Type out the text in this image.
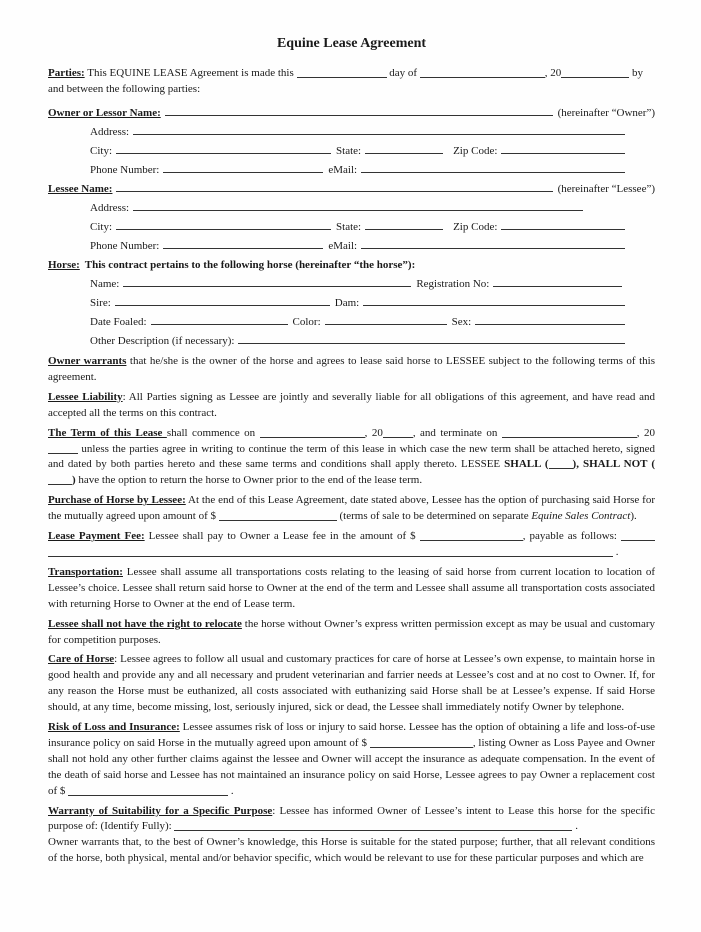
Equine Lease Agreement

Parties: This EQUINE LEASE Agreement is made this	day of	, 20	by
and between the following parties:

Owner or Lessor Name:	(hereinafter “Owner”)
Address:
City:	State:	Zip Code:
Phone Number:	eMail:
Lessee Name:	(hereinafter “Lessee”)
Address:
City:	State:	Zip Code:
Phone Number:	eMail:
Horse: This contract pertains to the following horse (hereinafter “the horse”):
Name:	Registration No:
Sire:	Dam:
Date Foaled:	Color:	Sex:
Other Description (if necessary):

Owner warrants that he/she is the owner of the horse and agrees to lease said horse to LESSEE subject to the following terms of this agreement.

Lessee Liability: All Parties signing as Lessee are jointly and severally liable for all obligations of this agreement, and have read and accepted all the terms on this contract.

The Term of this Lease shall commence on	, 20	, and terminate on	, 20 unless the parties agree in writing to continue the term of this lease in which case the new term shall be attached hereto, signed and dated by both parties hereto and these same terms and conditions shall apply thereto. LESSEE SHALL ( ), SHALL NOT ( ) have the option to return the horse to Owner prior to the end of the lease term.

Purchase of Horse by Lessee: At the end of this Lease Agreement, date stated above, Lessee has the option of purchasing said Horse for the mutually agreed upon amount of $	(terms of sale to be determined on separate Equine Sales Contract).

Lease Payment Fee: Lessee shall pay to Owner a Lease fee in the amount of $	, payable as follows:  .

Transportation: Lessee shall assume all transportations costs relating to the leasing of said horse from current location to location of Lessee’s choice. Lessee shall return said horse to Owner at the end of the term and Lessee shall assume all transportation costs associated with returning Horse to Owner at the end of Lease term.

Lessee shall not have the right to relocate the horse without Owner’s express written permission except as may be usual and customary for competition purposes.

Care of Horse: Lessee agrees to follow all usual and customary practices for care of horse at Lessee’s own expense, to maintain horse in good health and provide any and all necessary and prudent veterinarian and farrier needs at Lessee’s cost and at no cost to Owner. If, for any reason the Horse must be euthanized, all costs associated with euthanizing said Horse shall be at Lessee’s expense. If said Horse should, at any time, become missing, lost, seriously injured, sick or dead, the Lessee shall immediately notify Owner by telephone.

Risk of Loss and Insurance: Lessee assumes risk of loss or injury to said horse. Lessee has the option of obtaining a life and loss-of-use insurance policy on said Horse in the mutually agreed upon amount of $	, listing Owner as Loss Payee and Owner shall not hold any other further claims against the lessee and Owner will accept the insurance as adequate compensation. In the event of the death of said horse and Lessee has not maintained an insurance policy on said Horse, Lessee agrees to pay Owner a replacement cost of $	.

Warranty of Suitability for a Specific Purpose: Lessee has informed Owner of Lessee’s intent to Lease this horse for the specific purpose of: (Identify Fully):	.
Owner warrants that, to the best of Owner’s knowledge, this Horse is suitable for the stated purpose; further, that all relevant conditions of the horse, both physical, mental and/or behavior specific, which would be relevant to use for these particular purposes and which are
